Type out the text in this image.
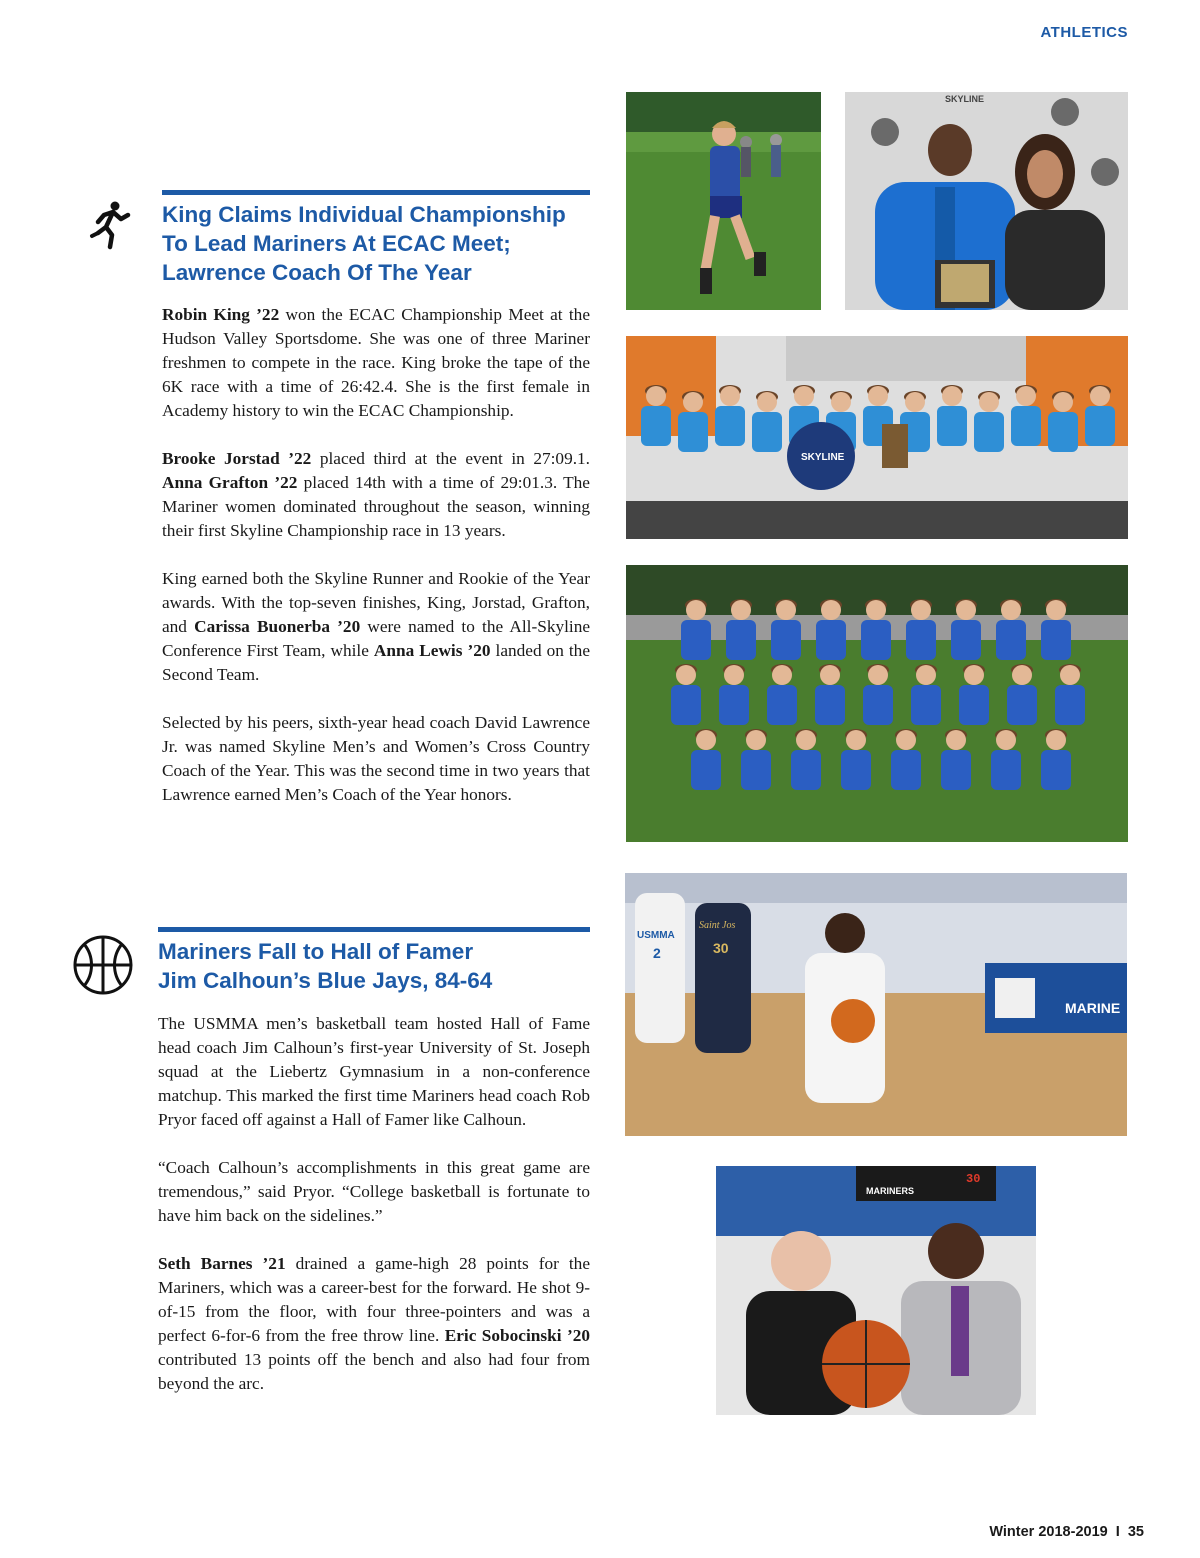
ATHLETICS
King Claims Individual Championship
To Lead Mariners At ECAC Meet;
Lawrence Coach Of The Year

Robin King ’22 won the ECAC Championship Meet at the Hudson Valley Sportsdome. She was one of three Mariner freshmen to compete in the race. King broke the tape of the 6K race with a time of 26:42.4. She is the first female in Academy history to win the ECAC Championship.

Brooke Jorstad ’22 placed third at the event in 27:09.1. Anna Grafton ’22 placed 14th with a time of 29:01.3. The Mariner women dominated throughout the season, winning their first Skyline Championship race in 13 years.

King earned both the Skyline Runner and Rookie of the Year awards. With the top-seven finishes, King, Jorstad, Grafton, and Carissa Buonerba ’20 were named to the All-Skyline Conference First Team, while Anna Lewis ’20 landed on the Second Team.

Selected by his peers, sixth-year head coach David Lawrence Jr. was named Skyline Men’s and Women’s Cross Country Coach of the Year. This was the second time in two years that Lawrence earned Men’s Coach of the Year honors.

Mariners Fall to Hall of Famer
Jim Calhoun’s Blue Jays, 84-64

The USMMA men’s basketball team hosted Hall of Fame head coach Jim Calhoun’s first-year University of St. Joseph squad at the Liebertz Gymnasium in a non-conference matchup. This marked the first time Mariners head coach Rob Pryor faced off against a Hall of Famer like Calhoun.

“Coach Calhoun’s accomplishments in this great game are tremendous,” said Pryor. “College basketball is fortunate to have him back on the sidelines.”

Seth Barnes ’21 drained a game-high 28 points for the Mariners, which was a career-best for the forward. He shot 9-of-15 from the floor, with four three-pointers and was a perfect 6-for-6 from the free throw line. Eric Sobocinski ’20 contributed 13 points off the bench and also had four from beyond the arc.

SKYLINE
SKYLINE
MARINE
USMMA
2
Saint Jos
30
MARINERS
30
Winter 2018-2019 I 35
